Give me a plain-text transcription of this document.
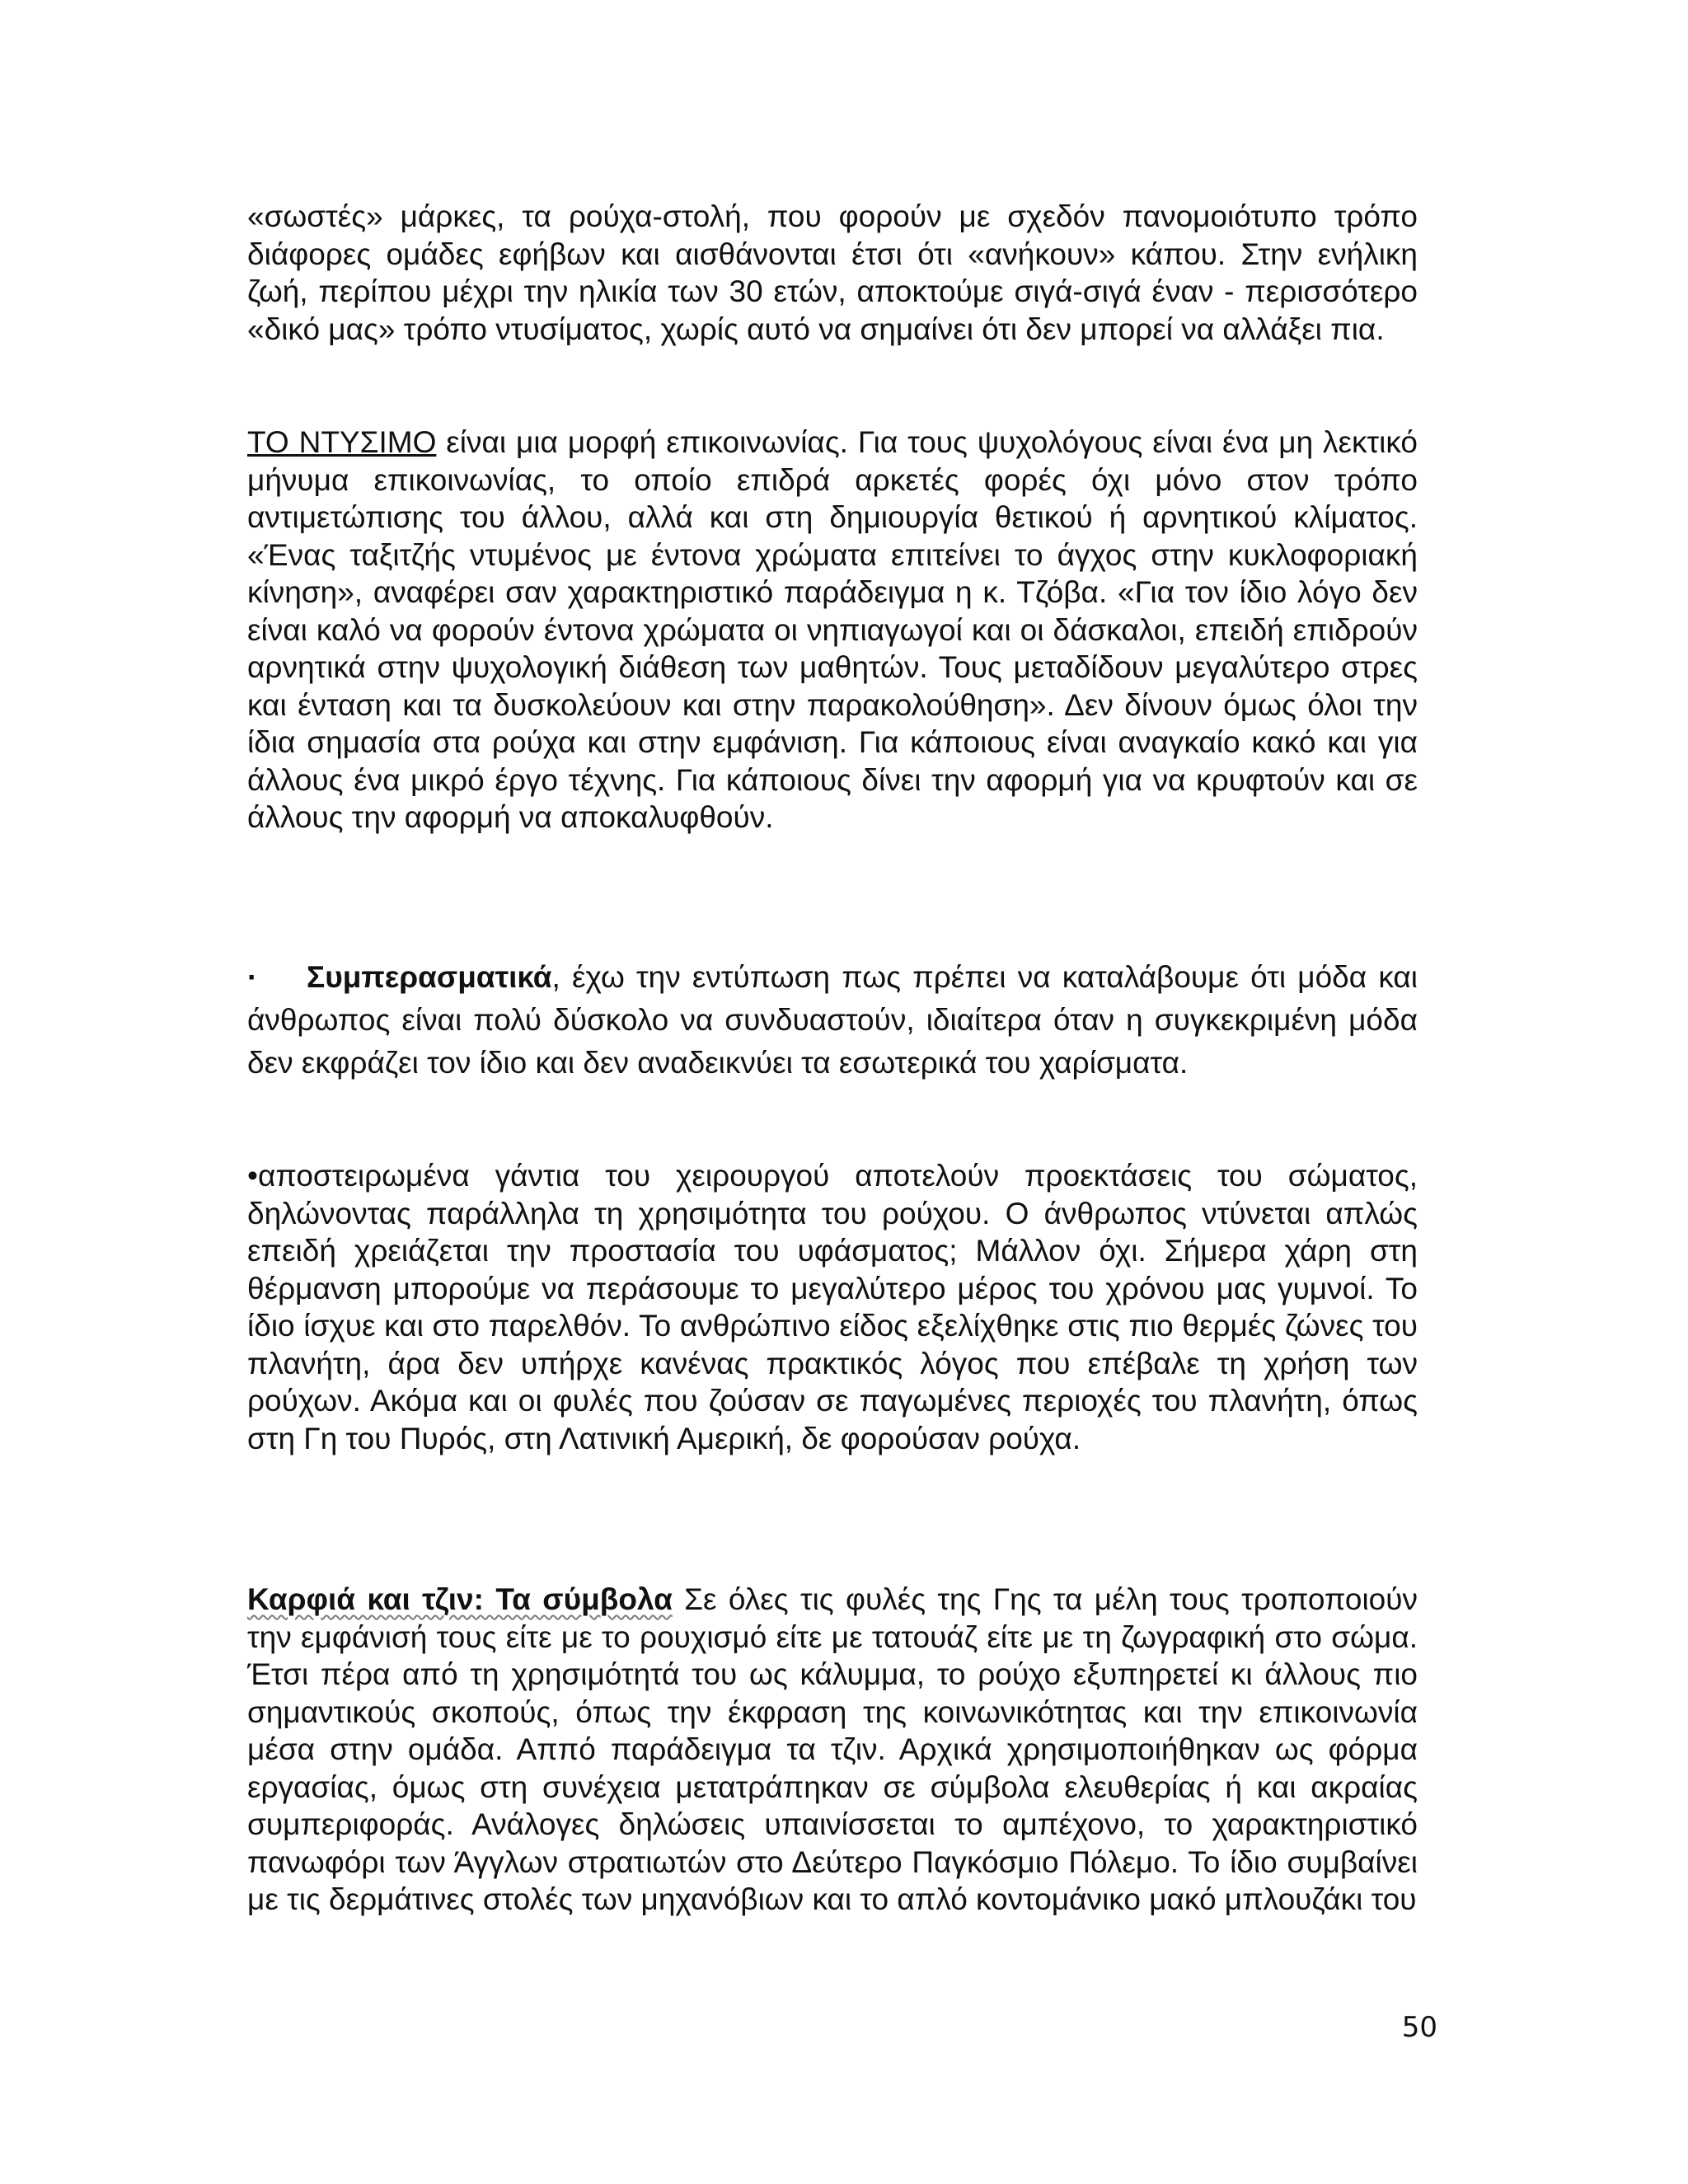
«σωστές» μάρκες, τα ρούχα-στολή, που φορούν με σχεδόν πανομοιότυπο τρόπο διάφορες ομάδες εφήβων και αισθάνονται έτσι ότι «ανήκουν» κάπου. Στην ενήλικη ζωή, περίπου μέχρι την ηλικία των 30 ετών, αποκτούμε σιγά-σιγά έναν - περισσότερο «δικό μας» τρόπο ντυσίματος, χωρίς αυτό να σημαίνει ότι δεν μπορεί να αλλάξει πια.

ΤΟ ΝΤΥΣΙΜΟ είναι μια μορφή επικοινωνίας. Για τους ψυχολόγους είναι ένα μη λεκτικό μήνυμα επικοινωνίας, το οποίο επιδρά αρκετές φορές όχι μόνο στον τρόπο αντιμετώπισης του άλλου, αλλά και στη δημιουργία θετικού ή αρνητικού κλίματος. «Ένας ταξιτζής ντυμένος με έντονα χρώματα επιτείνει το άγχος στην κυκλοφοριακή κίνηση», αναφέρει σαν χαρακτηριστικό παράδειγμα η κ. Τζόβα. «Για τον ίδιο λόγο δεν είναι καλό να φορούν έντονα χρώματα οι νηπιαγωγοί και οι δάσκαλοι, επειδή επιδρούν αρνητικά στην ψυχολογική διάθεση των μαθητών. Τους μεταδίδουν μεγαλύτερο στρες και ένταση και τα δυσκολεύουν και στην παρακολούθηση». Δεν δίνουν όμως όλοι την ίδια σημασία στα ρούχα και στην εμφάνιση. Για κάποιους είναι αναγκαίο κακό και για άλλους ένα μικρό έργο τέχνης. Για κάποιους δίνει την αφορμή για να κρυφτούν και σε άλλους την αφορμή να αποκαλυφθούν.

· Συμπερασματικά, έχω την εντύπωση πως πρέπει να καταλάβουμε ότι μόδα και άνθρωπος είναι πολύ δύσκολο να συνδυαστούν, ιδιαίτερα όταν η συγκεκριμένη μόδα δεν εκφράζει τον ίδιο και δεν αναδεικνύει τα εσωτερικά του χαρίσματα.

•αποστειρωμένα γάντια του χειρουργού αποτελούν προεκτάσεις του σώματος, δηλώνοντας παράλληλα τη χρησιμότητα του ρούχου. Ο άνθρωπος ντύνεται απλώς επειδή χρειάζεται την προστασία του υφάσματος; Μάλλον όχι. Σήμερα χάρη στη θέρμανση μπορούμε να περάσουμε το μεγαλύτερο μέρος του χρόνου μας γυμνοί. Το ίδιο ίσχυε και στο παρελθόν. Το ανθρώπινο είδος εξελίχθηκε στις πιο θερμές ζώνες του πλανήτη, άρα δεν υπήρχε κανένας πρακτικός λόγος που επέβαλε τη χρήση των ρούχων. Ακόμα και οι φυλές που ζούσαν σε παγωμένες περιοχές του πλανήτη, όπως στη Γη του Πυρός, στη Λατινική Αμερική, δε φορούσαν ρούχα.

Καρφιά και τζιν: Τα σύμβολα Σε όλες τις φυλές της Γης τα μέλη τους τροποποιούν την εμφάνισή τους είτε με το ρουχισμό είτε με τατουάζ είτε με τη ζωγραφική στο σώμα. Έτσι πέρα από τη χρησιμότητά του ως κάλυμμα, το ρούχο εξυπηρετεί κι άλλους πιο σημαντικούς σκοπούς, όπως την έκφραση της κοινωνικότητας και την επικοινωνία μέσα στην ομάδα. Αππό παράδειγμα τα τζιν. Αρχικά χρησιμοποιήθηκαν ως φόρμα εργασίας, όμως στη συνέχεια μετατράπηκαν σε σύμβολα ελευθερίας ή και ακραίας συμπεριφοράς. Ανάλογες δηλώσεις υπαινίσσεται το αμπέχονο, το χαρακτηριστικό πανωφόρι των Άγγλων στρατιωτών στο Δεύτερο Παγκόσμιο Πόλεμο. Το ίδιο συμβαίνει με τις δερμάτινες στολές των μηχανόβιων και το απλό κοντομάνικο μακό μπλουζάκι του

50
